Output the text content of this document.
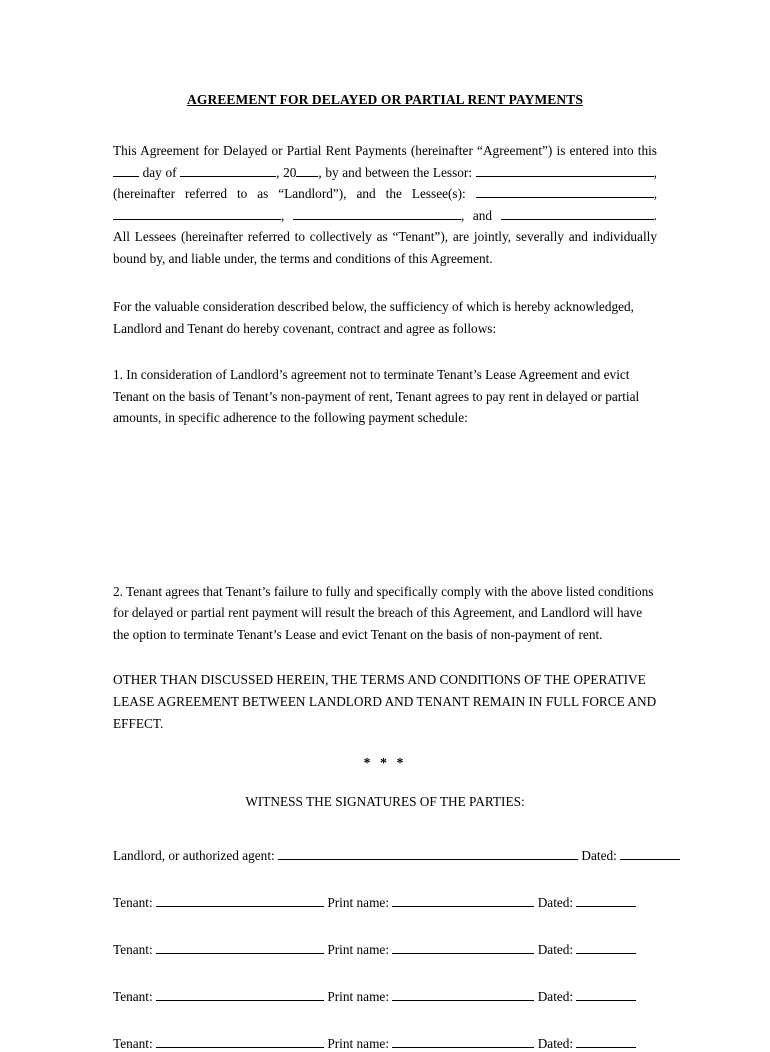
AGREEMENT FOR DELAYED OR PARTIAL RENT PAYMENTS

This Agreement for Delayed or Partial Rent Payments (hereinafter “Agreement”) is entered into this  day of	, 20 , by and between the Lessor:	, (hereinafter referred to as “Landlord”), and the Lessee(s):	, ,	, and	. All Lessees (hereinafter referred to collectively as “Tenant”), are jointly, severally and individually bound by, and liable under, the terms and conditions of this Agreement.

For the valuable consideration described below, the sufficiency of which is hereby acknowledged, Landlord and Tenant do hereby covenant, contract and agree as follows:

1. In consideration of Landlord’s agreement not to terminate Tenant’s Lease Agreement and evict Tenant on the basis of Tenant’s non-payment of rent, Tenant agrees to pay rent in delayed or partial amounts, in specific adherence to the following payment schedule:

2. Tenant agrees that Tenant’s failure to fully and specifically comply with the above listed conditions for delayed or partial rent payment will result the breach of this Agreement, and Landlord will have the option to terminate Tenant’s Lease and evict Tenant on the basis of non-payment of rent.

OTHER THAN DISCUSSED HEREIN, THE TERMS AND CONDITIONS OF THE OPERATIVE LEASE AGREEMENT BETWEEN LANDLORD AND TENANT REMAIN IN FULL FORCE AND EFFECT.

* * *
WITNESS THE SIGNATURES OF THE PARTIES:
Landlord, or authorized agent:	Dated:
Tenant:	Print name:	Dated:
Tenant:	Print name:	Dated:
Tenant:	Print name:	Dated:
Tenant:	Print name:	Dated:
